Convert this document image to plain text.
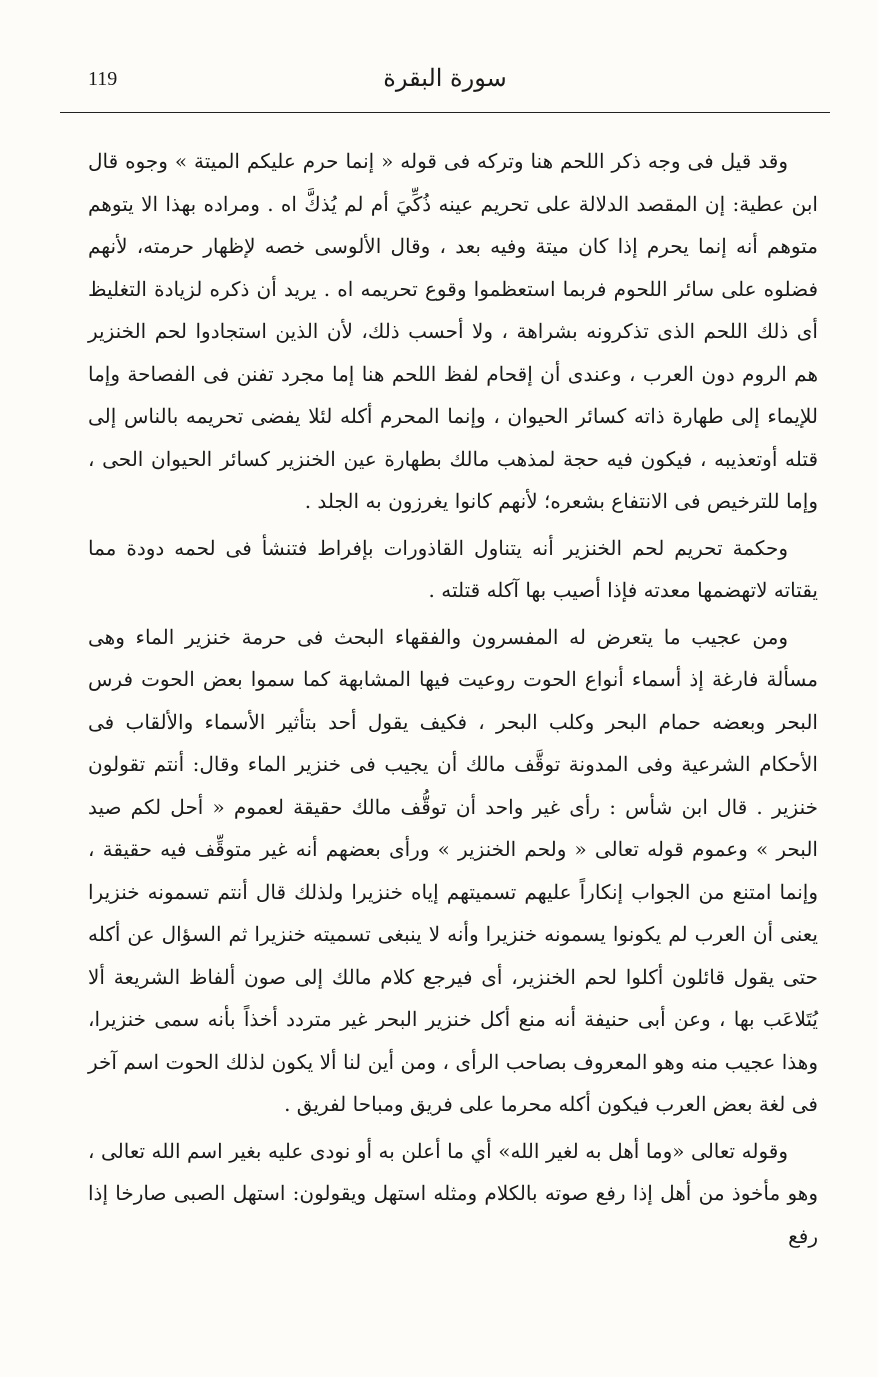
119	سورة البقرة

وقد قيل فى وجه ذكر اللحم هنا وتركه فى قوله « إنما حرم عليكم الميتة » وجوه قال ابن عطية: إن المقصد الدلالة على تحريم عينه ذُكِّيَ أم لم يُذكَّ اه . ومراده بهذا الا يتوهم متوهم أنه إنما يحرم إذا كان ميتة وفيه بعد ، وقال الألوسى خصه لإظهار حرمته، لأنهم فضلوه على سائر اللحوم فربما استعظموا وقوع تحريمه اه . يريد أن ذكره لزيادة التغليظ أى ذلك اللحم الذى تذكرونه بشراهة ، ولا أحسب ذلك، لأن الذين استجادوا لحم الخنزير هم الروم دون العرب ، وعندى أن إقحام لفظ اللحم هنا إما مجرد تفنن فى الفصاحة وإما للإيماء إلى طهارة ذاته كسائر الحيوان ، وإنما المحرم أكله لئلا يفضى تحريمه بالناس إلى قتله أوتعذيبه ، فيكون فيه حجة لمذهب مالك بطهارة عين الخنزير كسائر الحيوان الحى ، وإما للترخيص فى الانتفاع بشعره؛ لأنهم كانوا يغرزون به الجلد .

وحكمة تحريم لحم الخنزير أنه يتناول القاذورات بإفراط فتنشأ فى لحمه دودة مما يقتاته لاتهضمها معدته فإذا أصيب بها آكله قتلته .

ومن عجيب ما يتعرض له المفسرون والفقهاء البحث فى حرمة خنزير الماء وهى مسألة فارغة إذ أسماء أنواع الحوت روعيت فيها المشابهة كما سموا بعض الحوت فرس البحر وبعضه حمام البحر وكلب البحر ، فكيف يقول أحد بتأثير الأسماء والألقاب فى الأحكام الشرعية وفى المدونة توقَّف مالك أن يجيب فى خنزير الماء وقال: أنتم تقولون خنزير . قال ابن شأس : رأى غير واحد أن توقُّف مالك حقيقة لعموم « أحل لكم صيد البحر » وعموم قوله تعالى « ولحم الخنزير » ورأى بعضهم أنه غير متوقِّف فيه حقيقة ، وإنما امتنع من الجواب إنكاراً عليهم تسميتهم إياه خنزيرا ولذلك قال أنتم تسمونه خنزيرا يعنى أن العرب لم يكونوا يسمونه خنزيرا وأنه لا ينبغى تسميته خنزيرا ثم السؤال عن أكله حتى يقول قائلون أكلوا لحم الخنزير، أى فيرجع كلام مالك إلى صون ألفاظ الشريعة ألا يُتَلاعَب بها ، وعن أبى حنيفة أنه منع أكل خنزير البحر غير متردد أخذاً بأنه سمى خنزيرا، وهذا عجيب منه وهو المعروف بصاحب الرأى ، ومن أين لنا ألا يكون لذلك الحوت اسم آخر فى لغة بعض العرب فيكون أكله محرما على فريق ومباحا لفريق .

وقوله تعالى «وما أهل به لغير الله» أي ما أعلن به أو نودى عليه بغير اسم الله تعالى ، وهو مأخوذ من أهل إذا رفع صوته بالكلام ومثله استهل ويقولون: استهل الصبى صارخا إذا رفع
